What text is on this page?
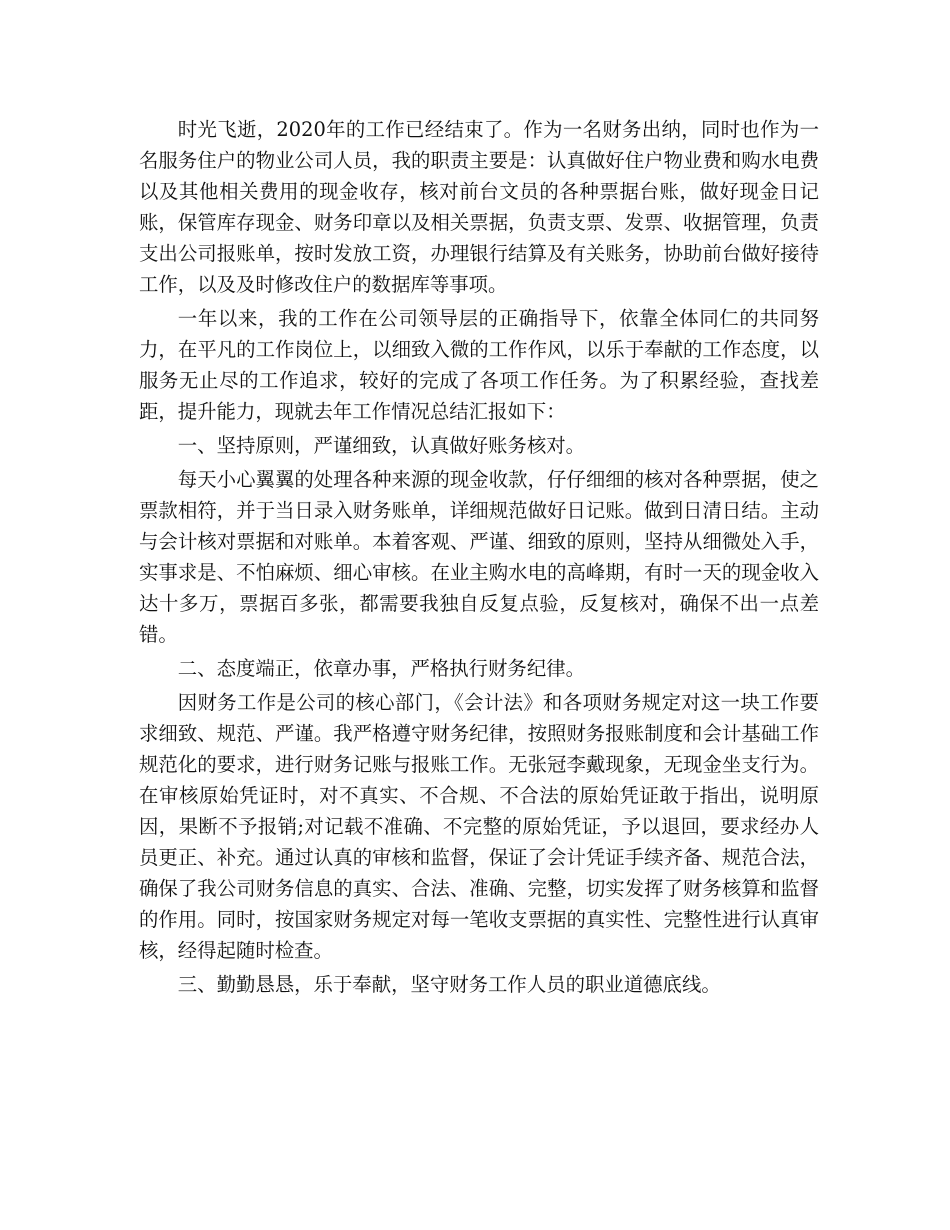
时光飞逝，2020年的工作已经结束了。作为一名财务出纳，同时也作为一名服务住户的物业公司人员，我的职责主要是：认真做好住户物业费和购水电费以及其他相关费用的现金收存，核对前台文员的各种票据台账，做好现金日记账，保管库存现金、财务印章以及相关票据，负责支票、发票、收据管理，负责支出公司报账单，按时发放工资，办理银行结算及有关账务，协助前台做好接待工作，以及及时修改住户的数据库等事项。

一年以来，我的工作在公司领导层的正确指导下，依靠全体同仁的共同努力，在平凡的工作岗位上，以细致入微的工作作风，以乐于奉献的工作态度，以服务无止尽的工作追求，较好的完成了各项工作任务。为了积累经验，查找差距，提升能力，现就去年工作情况总结汇报如下：

一、坚持原则，严谨细致，认真做好账务核对。

每天小心翼翼的处理各种来源的现金收款，仔仔细细的核对各种票据，使之票款相符，并于当日录入财务账单，详细规范做好日记账。做到日清日结。主动与会计核对票据和对账单。本着客观、严谨、细致的原则，坚持从细微处入手，实事求是、不怕麻烦、细心审核。在业主购水电的高峰期，有时一天的现金收入达十多万，票据百多张，都需要我独自反复点验，反复核对，确保不出一点差错。

二、态度端正，依章办事，严格执行财务纪律。

因财务工作是公司的核心部门，《会计法》和各项财务规定对这一块工作要求细致、规范、严谨。我严格遵守财务纪律，按照财务报账制度和会计基础工作规范化的要求，进行财务记账与报账工作。无张冠李戴现象，无现金坐支行为。在审核原始凭证时，对不真实、不合规、不合法的原始凭证敢于指出，说明原因，果断不予报销;对记载不准确、不完整的原始凭证，予以退回，要求经办人员更正、补充。通过认真的审核和监督，保证了会计凭证手续齐备、规范合法，确保了我公司财务信息的真实、合法、准确、完整，切实发挥了财务核算和监督的作用。同时，按国家财务规定对每一笔收支票据的真实性、完整性进行认真审核，经得起随时检查。

三、勤勤恳恳，乐于奉献，坚守财务工作人员的职业道德底线。
